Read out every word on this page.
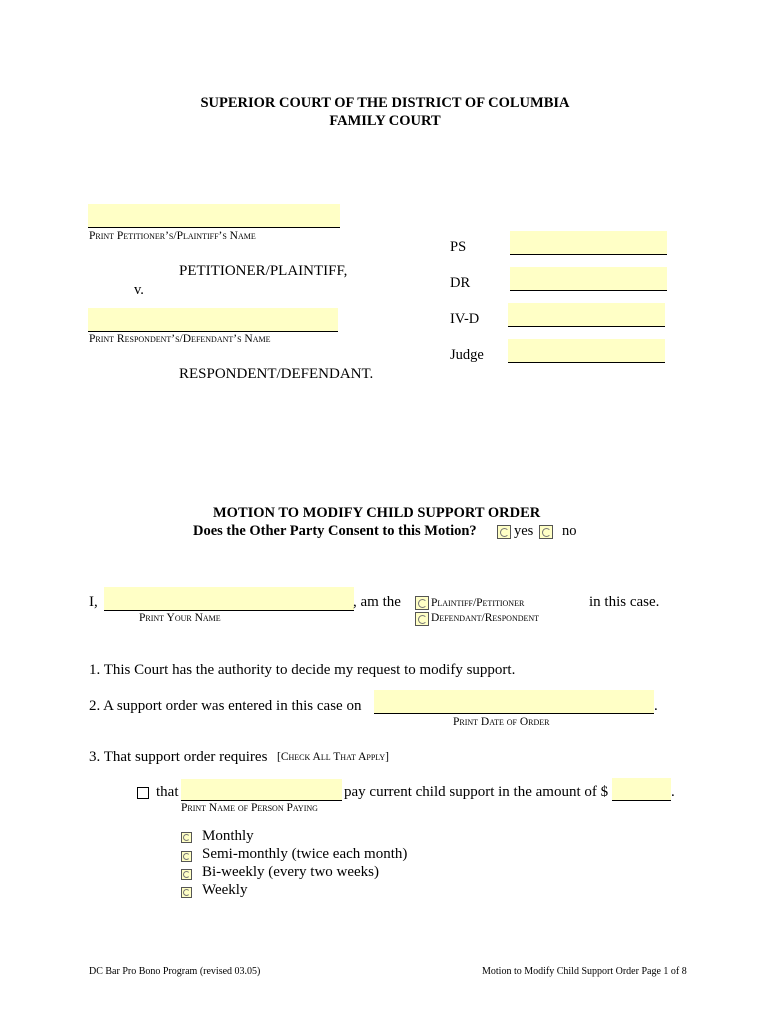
SUPERIOR COURT OF THE DISTRICT OF COLUMBIA
FAMILY COURT
Print Petitioner’s/Plaintiff’s Name
PETITIONER/PLAINTIFF,
v.
Print Respondent’s/Defendant’s Name
RESPONDENT/DEFENDANT.
PS
DR
IV-D
Judge
MOTION TO MODIFY CHILD SUPPORT ORDER
Does the Other Party Consent to this Motion?	yes no
I,	, am the
Print Your Name
Plaintiff/Petitioner
Defendant/Respondent
in this case.
1. This Court has the authority to decide my request to modify support.
2. A support order was entered in this case on	.
Print Date of Order
3. That support order requires [Check All That Apply]
that	pay current child support in the amount of $	.
Print Name of Person Paying
Monthly
Semi-monthly (twice each month)
Bi-weekly (every two weeks)
Weekly
DC Bar Pro Bono Program (revised 03.05)	Motion to Modify Child Support Order Page 1 of 8
